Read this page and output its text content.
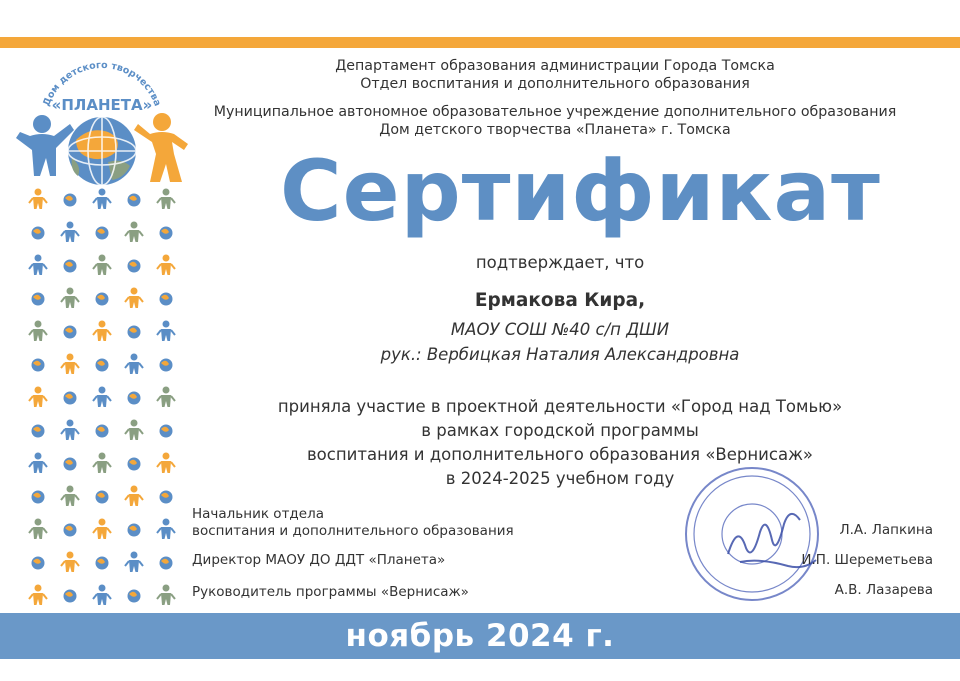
Дом детского творчества
«ПЛАНЕТА»
Департамент образования администрации Города Томска
Отдел воспитания и дополнительного образования
Муниципальное автономное образовательное учреждение дополнительного образования
Дом детского творчества «Планета» г. Томска
Сертификат
подтверждает, что
Ермакова Кира,
МАОУ СОШ №40 с/п ДШИ
рук.: Вербицкая Наталия Александровна
приняла участие в проектной деятельности «Город над Томью»
в рамках городской программы
воспитания и дополнительного образования «Вернисаж»
в 2024-2025 учебном году
Начальник отдела
воспитания и дополнительного образования	Л.А. Лапкина
Директор МАОУ ДО ДДТ «Планета»	И.П. Шереметьева
Руководитель программы «Вернисаж»	А.В. Лазарева
ноябрь 2024 г.
